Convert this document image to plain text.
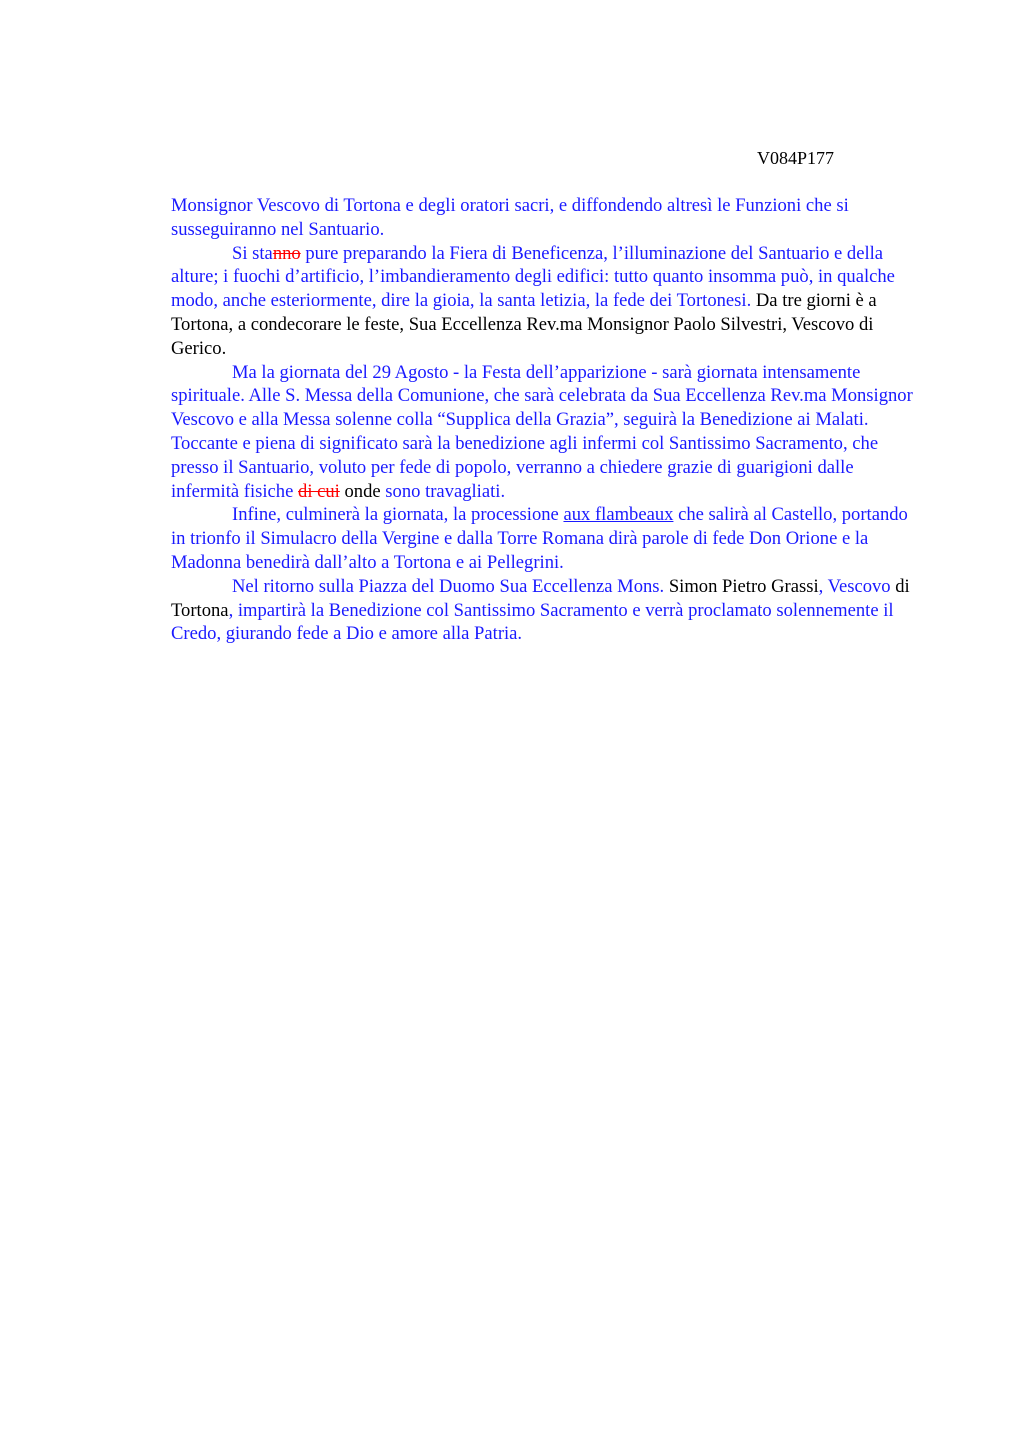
V084P177

Monsignor Vescovo di Tortona e degli oratori sacri, e diffondendo altresì le Funzioni che si susseguiranno nel Santuario.

Si stanno pure preparando la Fiera di Beneficenza, l’illuminazione del Santuario e della alture; i fuochi d’artificio, l’imbandieramento degli edifici: tutto quanto insomma può, in qualche modo, anche esteriormente, dire la gioia, la santa letizia, la fede dei Tortonesi. Da tre giorni è a Tortona, a condecorare le feste, Sua Eccellenza Rev.ma Monsignor Paolo Silvestri, Vescovo di Gerico.

Ma la giornata del 29 Agosto - la Festa dell’apparizione - sarà giornata intensamente spirituale. Alle S. Messa della Comunione, che sarà celebrata da Sua Eccellenza Rev.ma Monsignor Vescovo e alla Messa solenne colla “Supplica della Grazia”, seguirà la Benedizione ai Malati. Toccante e piena di significato sarà la benedizione agli infermi col Santissimo Sacramento, che presso il Santuario, voluto per fede di popolo, verranno a chiedere grazie di guarigioni dalle infermità fisiche di cui onde sono travagliati.

Infine, culminerà la giornata, la processione aux flambeaux che salirà al Castello, portando in trionfo il Simulacro della Vergine e dalla Torre Romana dirà parole di fede Don Orione e la Madonna benedirà dall’alto a Tortona e ai Pellegrini.

Nel ritorno sulla Piazza del Duomo Sua Eccellenza Mons. Simon Pietro Grassi, Vescovo di Tortona, impartirà la Benedizione col Santissimo Sacramento e verrà proclamato solennemente il Credo, giurando fede a Dio e amore alla Patria.
